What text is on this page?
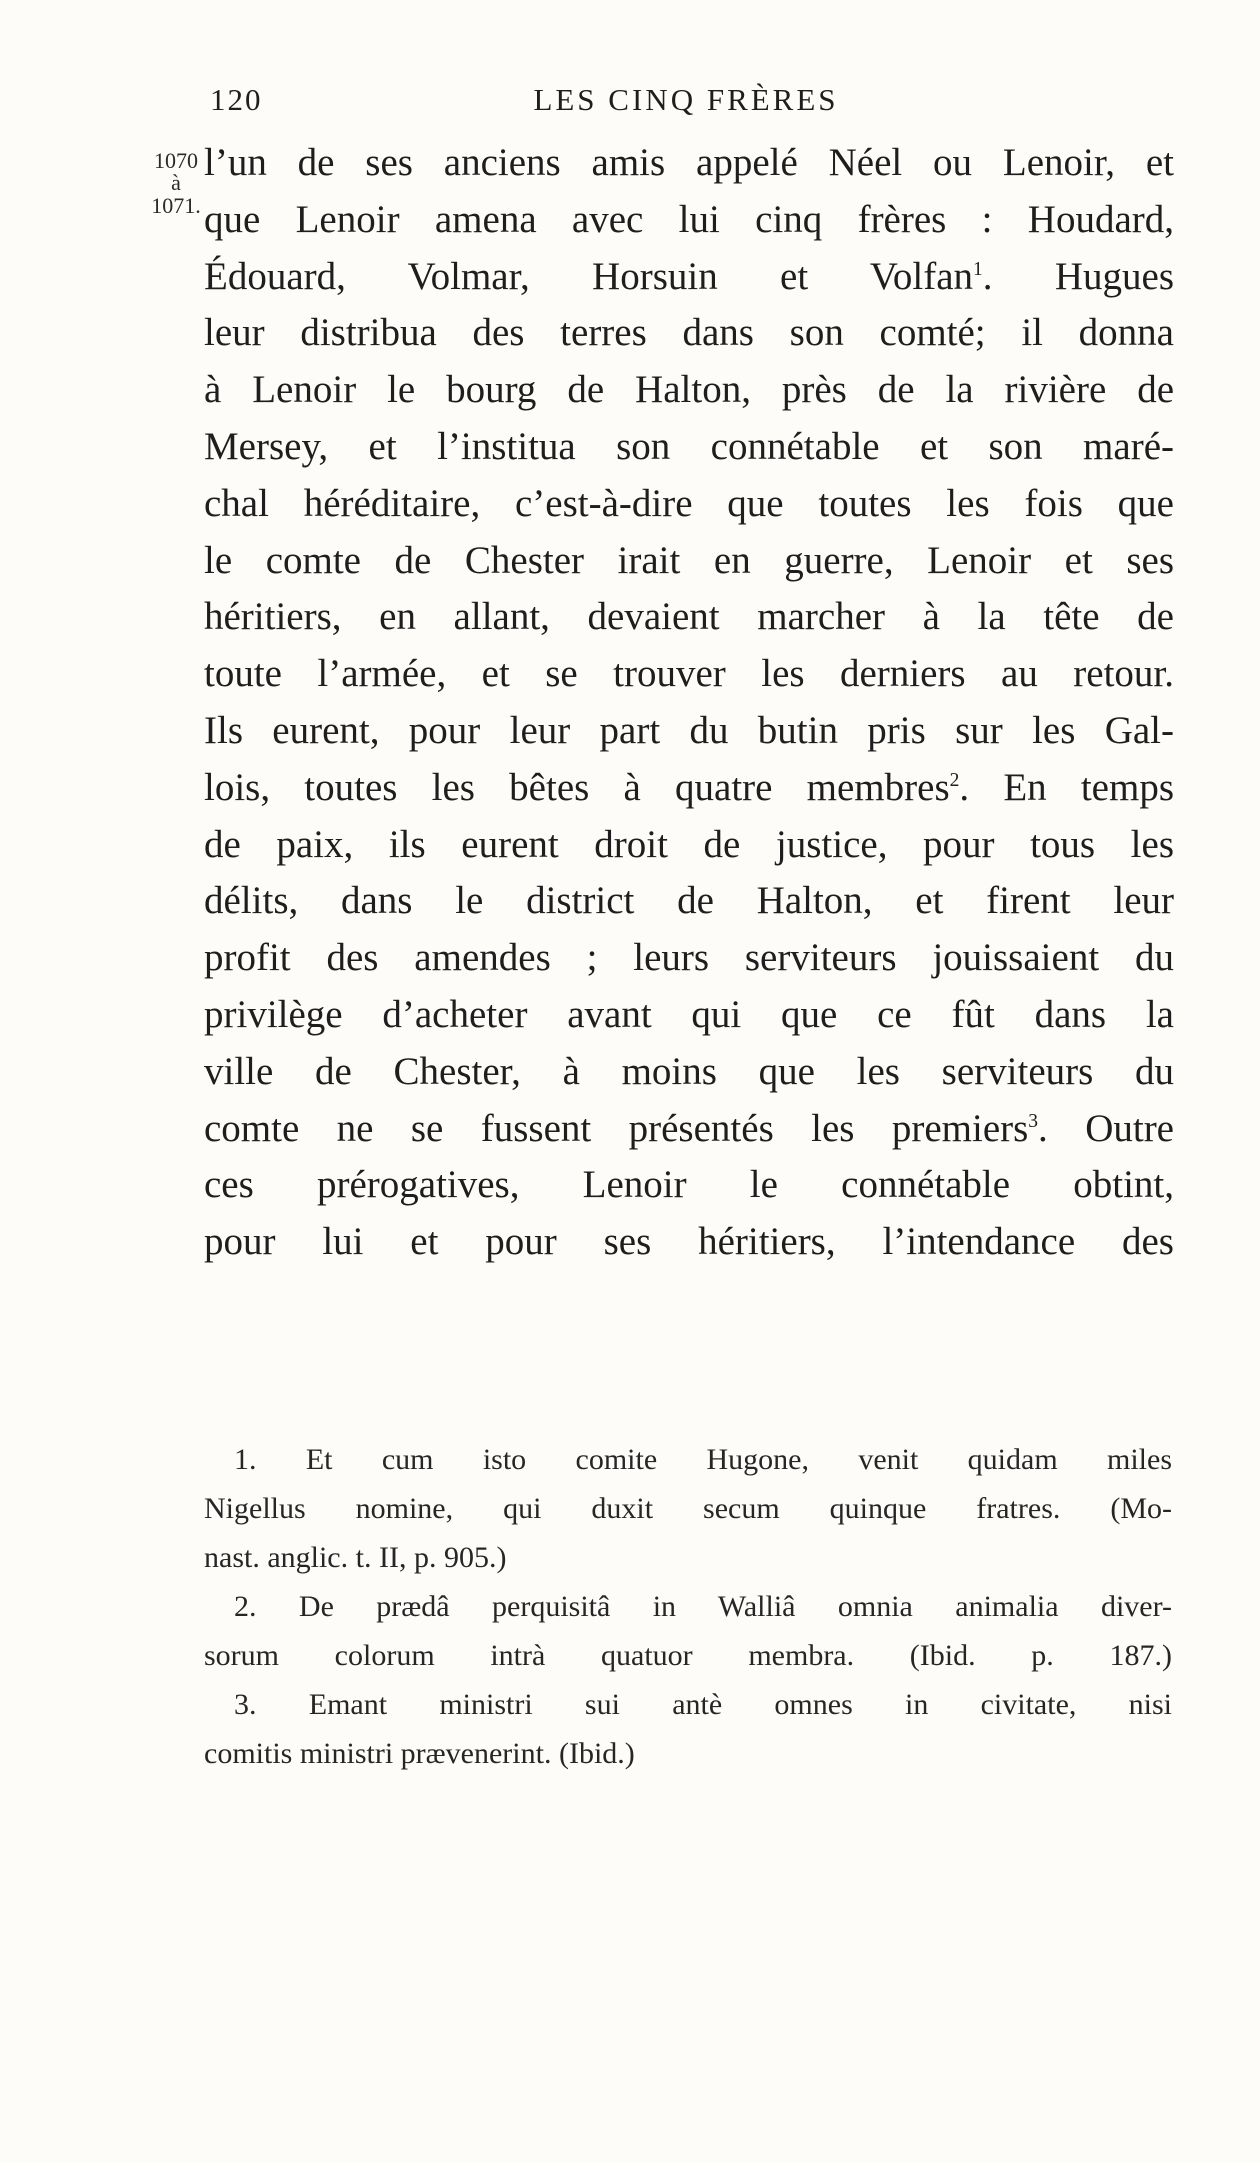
120	LES CINQ FRÈRES
1070
à
1071.
l’un de ses anciens amis appelé Néel ou Lenoir, et
que Lenoir amena avec lui cinq frères : Houdard,
Édouard, Volmar, Horsuin et Volfan$^1$. Hugues
leur distribua des terres dans son comté; il donna
à Lenoir le bourg de Halton, près de la rivière de
Mersey, et l’institua son connétable et son maré-
chal héréditaire, c’est-à-dire que toutes les fois que
le comte de Chester irait en guerre, Lenoir et ses
héritiers, en allant, devaient marcher à la tête de
toute l’armée, et se trouver les derniers au retour.
Ils eurent, pour leur part du butin pris sur les Gal-
lois, toutes les bêtes à quatre membres$^2$. En temps
de paix, ils eurent droit de justice, pour tous les
délits, dans le district de Halton, et firent leur
profit des amendes ; leurs serviteurs jouissaient du
privilège d’acheter avant qui que ce fût dans la
ville de Chester, à moins que les serviteurs du
comte ne se fussent présentés les premiers$^3$. Outre
ces prérogatives, Lenoir le connétable obtint,
pour lui et pour ses héritiers, l’intendance des
1. Et cum isto comite Hugone, venit quidam miles
Nigellus nomine, qui duxit secum quinque fratres. (Mo-
nast. anglic. t. II, p. 905.)
2. De prædâ perquisitâ in Walliâ omnia animalia diver-
sorum colorum intrà quatuor membra. (Ibid. p. 187.)
3. Emant ministri sui antè omnes in civitate, nisi
comitis ministri prævenerint. (Ibid.)
